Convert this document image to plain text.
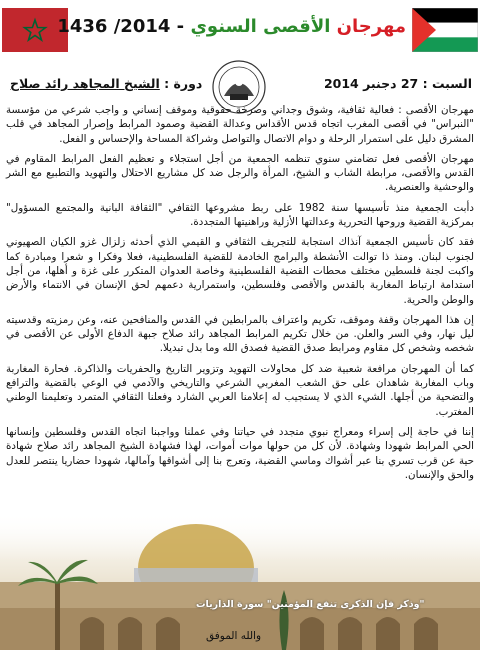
مهرجان الأقصى السنوي - 2014/ 1436
السبت : 27 دجنبر 2014
دورة : الشيخ المجاهد رائد صلاح

مهرجان الأقصى : فعالية ثقافية، وشوق وجداني وصرخة حقوقية وموقف إنساني و واجب شرعي من مؤسسة "النبراس" في أقصى المغرب اتجاه قدس الأقداس وعدالة القضية وصمود المرابط وإصرار المجاهد في قلب المشرق دليل على استمرار الرحلة و دوام الاتصال والتواصل وشراكة المساحة والإحساس و الفعل.

مهرجان الأقصى فعل تضامني سنوي تنظمه الجمعية من أجل استجلاء و تعظيم الفعل المرابط المقاوم في القدس والأقصى، مرابطة الشاب و الشيخ، المرأة والرجل ضد كل مشاريع الاحتلال والتهويد والتطبيع مع الشر والوحشية والعنصرية.

دأبت الجمعية منذ تأسيسها سنة 1982 على ربط مشروعها الثقافي "الثقافة البانية والمجتمع المسؤول" بمركزية القضية وروحها التحررية وعدالتها الأزلية وراهنيتها المتجددة.

فقد كان تأسيس الجمعية آنذاك استجابة للتجريف الثقافي و القيمي الذي أحدثه زلزال غزو الكيان الصهيوني لجنوب لبنان. ومنذ ذا توالت الأنشطة والبرامج الخادمة للقضية الفلسطينية، فعلا وفكرا و شعرا ومبادرة كما واكبت لجنة فلسطين مختلف محطات القضية الفلسطينية وخاصة العدوان المتكرر على غزة و أهلها، من أجل استدامة ارتباط المغاربة بالقدس والأقصى وفلسطين، واستمرارية دعمهم لحق الإنسان في الانتماء والأرض والوطن والحرية.

إن هذا المهرجان وقفة وموقف، تكريم واعتراف بالمرابطين في القدس والمنافحين عنه، وعن رمزيته وقدسيته ليل نهار، وفي السر والعلن. من خلال تكريم المرابط المجاهد رائد صلاح جبهة الدفاع الأولى عن الأقصى في شخصه وشخص كل مقاوم ومرابط صدق القضية فصدق الله وما بدل تبديلا.

كما أن المهرجان مرافعة شعبية ضد كل محاولات التهويد وتزوير التاريخ والحفريات والذاكرة. فحارة المغاربة وباب المغاربة شاهدان على حق الشعب المغربي الشرعي والتاريخي والآدمي في الوعي بالقضية والترافع والتضحية من أجلها. الشيء الذي لا يستجيب له إعلامنا العربي الشارد وفعلنا الثقافي المتمرد وتعليمنا الوطني المغترب.

إننا في حاجة إلى إسراء ومعراج نبوي متجدد في حياتنا وفي عملنا وواجبنا اتجاه القدس وفلسطين وإنسانها الحي المرابط شهودا وشهادة. لأن كل من حولها موات أموات، لهذا فشهادة الشيخ المجاهد رائد صلاح شهادة حية عن قرب تسري بنا عبر أشواك وماسي القضية، وتعرج بنا إلى أشواقها وآمالها، شهودا حضاريا ينتصر للعدل والحق والإنسان.

"وذكر فإن الذكرى تنفع المؤمنين" سورة الذاريات
والله الموفق
